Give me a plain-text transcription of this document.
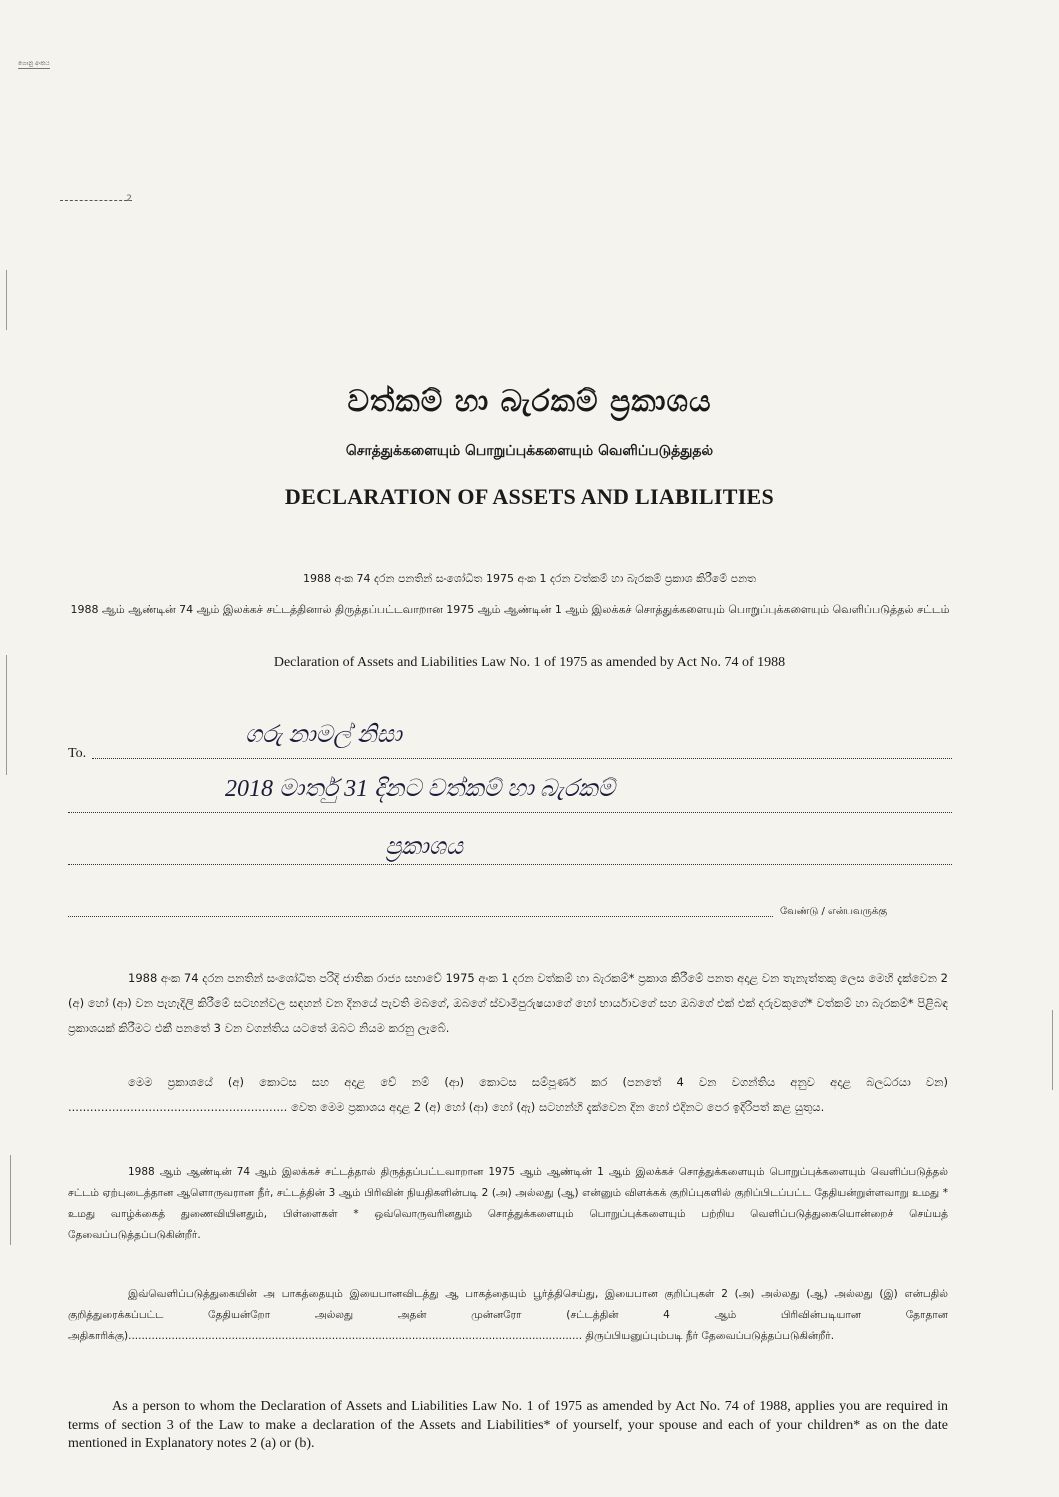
ගොනු අංකය
2
වත්කම් හා බැරකම් ප්‍රකාශය
சொத்துக்களையும் பொறுப்புக்களையும் வெளிப்படுத்துதல்
DECLARATION OF ASSETS AND LIABILITIES
1988 අංක 74 දරන පනතින් සංශෝධිත 1975 අංක 1 දරන වත්කම් හා බැරකම් ප්‍රකාශ කිරීමේ පනත
1988 ஆம் ஆண்டின் 74 ஆம் இலக்கச் சட்டத்தினால் திருத்தப்பட்டவாறான 1975 ஆம் ஆண்டின் 1 ஆம் இலக்கச் சொத்துக்களையும் பொறுப்புக்களையும் வெளிப்படுத்தல் சட்டம்
Declaration of Assets and Liabilities Law No. 1 of 1975 as amended by Act No. 74 of 1988
To.
ගරු නාමල් නිසා
2018 මාර්තු 31 දිනට වත්කම් හා බැරකම්
ප්‍රකාශය
வேண்டு / என்பவருக்கு
1988 අංක 74 දරන පනතින් සංශෝධිත පරිදි ජාතික රාජ්‍ය සභාවේ 1975 අංක 1 දරන වත්කම් හා බැරකම්* ප්‍රකාශ කිරීමේ පනත අදාළ වන තැනැත්තකු ලෙස මෙහි දැක්වෙන 2 (අ) හෝ (ආ) වන පැහැදිලි කිරීමේ සටහන්වල සඳහන් වන දිනයේ පැවති මබගේ, ඔබගේ ස්වාමිපුරුෂයාගේ හෝ භාර්යාවගේ සහ ඔබගේ එක් එක් දරුවකුගේ* වත්කම් හා බැරකම්* පිළිබඳ ප්‍රකාශයක් කිරීමට එකී පනතේ 3 වන වගන්තිය යටතේ ඔබට නියම කරනු ලැබේ.
මෙම ප්‍රකාශයේ (අ) කොටස සහ අදාළ වේ නම් (ආ) කොටස සම්පූර්ණ කර (පනතේ 4 වන වගන්තිය අනුව අදාළ බලධරයා වන) ............................................................ වෙත මෙම ප්‍රකාශය අදාළ 2 (අ) හෝ (ආ) හෝ (ඇ) සටහන්හි දැක්වෙන දින හෝ එදිනට පෙර ඉදිරිපත් කළ යුතුය.
1988 ஆம் ஆண்டின் 74 ஆம் இலக்கச் சட்டத்தால் திருத்தப்பட்டவாறான 1975 ஆம் ஆண்டின் 1 ஆம் இலக்கச் சொத்துக்களையும் பொறுப்புக்களையும் வெளிப்படுத்தல் சட்டம் ஏற்புடைத்தான ஆளொருவரான நீர், சட்டத்தின் 3 ஆம் பிரிவின் நியதிகளின்படி 2 (அ) அல்லது (ஆ) என்னும் விளக்கக் குறிப்புகளில் குறிப்பிடப்பட்ட தேதியன்றுள்ளவாறு உமது * உமது வாழ்க்கைத் துணைவியினதும், பிள்ளைகள் * ஒவ்வொருவரினதும் சொத்துக்களையும் பொறுப்புக்களையும் பற்றிய வெளிப்படுத்துகையொன்றைச் செய்யத் தேவைப்படுத்தப்படுகின்றீர்.
இவ்வெளிப்படுத்துகையின் அ பாகத்தையும் இயைபானவிடத்து ஆ பாகத்தையும் பூர்த்திசெய்து, இயைபான குறிப்புகள் 2 (அ) அல்லது (ஆ) அல்லது (இ) என்பதில் குறித்துரைக்கப்பட்ட தேதியன்றோ அல்லது அதன் முன்னரோ (சட்டத்தின் 4 ஆம் பிரிவின்படியான தோதான அதிகாரிக்கு)........................................................................................................................................ திருப்பியனுப்பும்படி நீர் தேவைப்படுத்தப்படுகின்றீர்.
As a person to whom the Declaration of Assets and Liabilities Law No. 1 of 1975 as amended by Act No. 74 of 1988, applies you are required in terms of section 3 of the Law to make a declaration of the Assets and Liabilities* of yourself, your spouse and each of your children* as on the date mentioned in Explanatory notes 2 (a) or (b).
